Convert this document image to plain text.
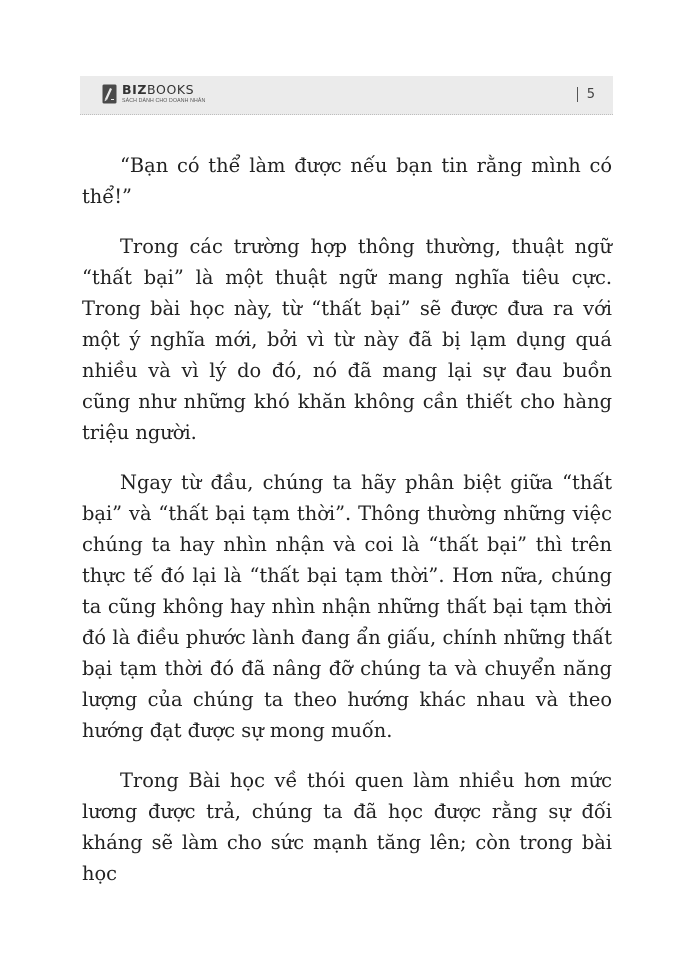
BIZBOOKS
SÁCH DÀNH CHO DOANH NHÂN	5

“Bạn có thể làm được nếu bạn tin rằng mình có thể!”

Trong các trường hợp thông thường, thuật ngữ “thất bại” là một thuật ngữ mang nghĩa tiêu cực. Trong bài học này, từ “thất bại” sẽ được đưa ra với một ý nghĩa mới, bởi vì từ này đã bị lạm dụng quá nhiều và vì lý do đó, nó đã mang lại sự đau buồn cũng như những khó khăn không cần thiết cho hàng triệu người.

Ngay từ đầu, chúng ta hãy phân biệt giữa “thất bại” và “thất bại tạm thời”. Thông thường những việc chúng ta hay nhìn nhận và coi là “thất bại” thì trên thực tế đó lại là “thất bại tạm thời”. Hơn nữa, chúng ta cũng không hay nhìn nhận những thất bại tạm thời đó là điều phước lành đang ẩn giấu, chính những thất bại tạm thời đó đã nâng đỡ chúng ta và chuyển năng lượng của chúng ta theo hướng khác nhau và theo hướng đạt được sự mong muốn.

Trong Bài học về thói quen làm nhiều hơn mức lương được trả, chúng ta đã học được rằng sự đối kháng sẽ làm cho sức mạnh tăng lên; còn trong bài học
